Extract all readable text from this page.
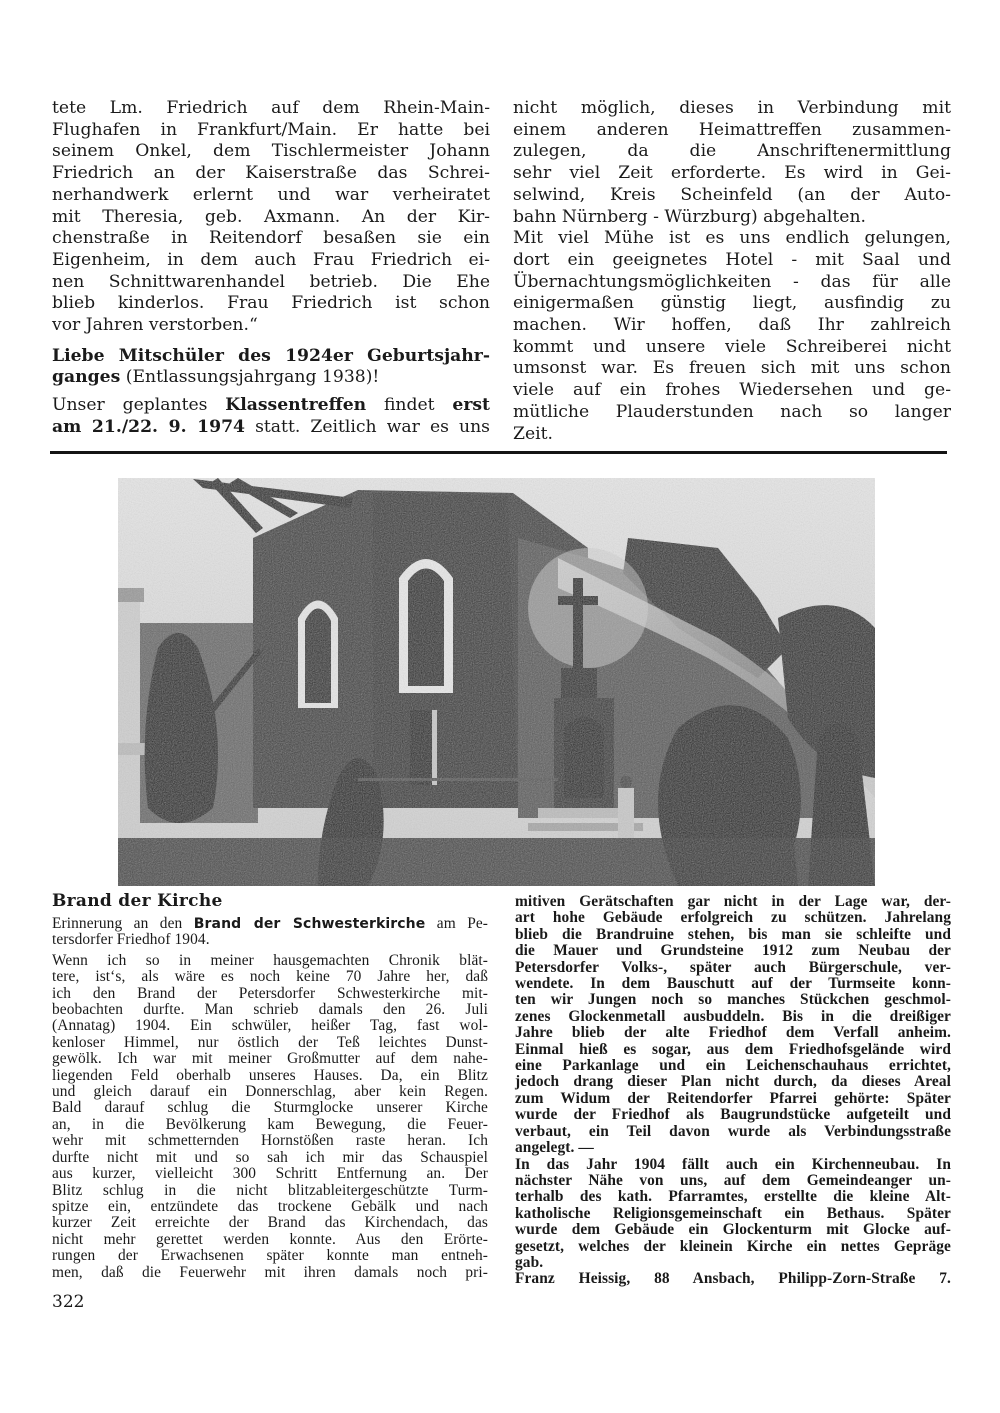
tete Lm. Friedrich auf dem Rhein-Main-
Flughafen in Frankfurt/Main. Er hatte bei
seinem Onkel, dem Tischlermeister Johann
Friedrich an der Kaiserstraße das Schrei-
nerhandwerk erlernt und war verheiratet
mit Theresia, geb. Axmann. An der Kir-
chenstraße in Reitendorf besaßen sie ein
Eigenheim, in dem auch Frau Friedrich ei-
nen Schnittwarenhandel betrieb. Die Ehe
blieb kinderlos. Frau Friedrich ist schon
vor Jahren verstorben.“
Liebe Mitschüler des 1924er Geburtsjahr-
ganges (Entlassungsjahrgang 1938)!
Unser geplantes Klassentreffen findet erst
am 21./22. 9. 1974 statt. Zeitlich war es uns
nicht möglich, dieses in Verbindung mit
einem anderen Heimattreffen zusammen-
zulegen, da die Anschriftenermittlung
sehr viel Zeit erforderte. Es wird in Gei-
selwind, Kreis Scheinfeld (an der Auto-
bahn Nürnberg - Würzburg) abgehalten.
Mit viel Mühe ist es uns endlich gelungen,
dort ein geeignetes Hotel - mit Saal und
Übernachtungsmöglichkeiten - das für alle
einigermaßen günstig liegt, ausfindig zu
machen. Wir hoffen, daß Ihr zahlreich
kommt und unsere viele Schreiberei nicht
umsonst war. Es freuen sich mit uns schon
viele auf ein frohes Wiedersehen und ge-
mütliche Plauderstunden nach so langer
Zeit.
Brand der Kirche
Erinnerung an den Brand der Schwesterkirche am Pe-
tersdorfer Friedhof 1904.
Wenn ich so in meiner hausgemachten Chronik blät-
tere, ist‘s, als wäre es noch keine 70 Jahre her, daß
ich den Brand der Petersdorfer Schwesterkirche mit-
beobachten durfte. Man schrieb damals den 26. Juli
(Annatag) 1904. Ein schwüler, heißer Tag, fast wol-
kenloser Himmel, nur östlich der Teß leichtes Dunst-
gewölk. Ich war mit meiner Großmutter auf dem nahe-
liegenden Feld oberhalb unseres Hauses. Da, ein Blitz
und gleich darauf ein Donnerschlag, aber kein Regen.
Bald darauf schlug die Sturmglocke unserer Kirche
an, in die Bevölkerung kam Bewegung, die Feuer-
wehr mit schmetternden Hornstößen raste heran. Ich
durfte nicht mit und so sah ich mir das Schauspiel
aus kurzer, vielleicht 300 Schritt Entfernung an. Der
Blitz schlug in die nicht blitzableitergeschützte Turm-
spitze ein, entzündete das trockene Gebälk und nach
kurzer Zeit erreichte der Brand das Kirchendach, das
nicht mehr gerettet werden konnte. Aus den Erörte-
rungen der Erwachsenen später konnte man entneh-
men, daß die Feuerwehr mit ihren damals noch pri-
mitiven Gerätschaften gar nicht in der Lage war, der-
art hohe Gebäude erfolgreich zu schützen. Jahrelang
blieb die Brandruine stehen, bis man sie schleifte und
die Mauer und Grundsteine 1912 zum Neubau der
Petersdorfer Volks-, später auch Bürgerschule, ver-
wendete. In dem Bauschutt auf der Turmseite konn-
ten wir Jungen noch so manches Stückchen geschmol-
zenes Glockenmetall ausbuddeln. Bis in die dreißiger
Jahre blieb der alte Friedhof dem Verfall anheim.
Einmal hieß es sogar, aus dem Friedhofsgelände wird
eine Parkanlage und ein Leichenschauhaus errichtet,
jedoch drang dieser Plan nicht durch, da dieses Areal
zum Widum der Reitendorfer Pfarrei gehörte: Später
wurde der Friedhof als Baugrundstücke aufgeteilt und
verbaut, ein Teil davon wurde als Verbindungsstraße
angelegt. —
In das Jahr 1904 fällt auch ein Kirchenneubau. In
nächster Nähe von uns, auf dem Gemeindeanger un-
terhalb des kath. Pfarramtes, erstellte die kleine Alt-
katholische Religionsgemeinschaft ein Bethaus. Später
wurde dem Gebäude ein Glockenturm mit Glocke auf-
gesetzt, welches der kleinein Kirche ein nettes Gepräge
gab.
Franz Heissig, 88 Ansbach, Philipp-Zorn-Straße 7.
322
